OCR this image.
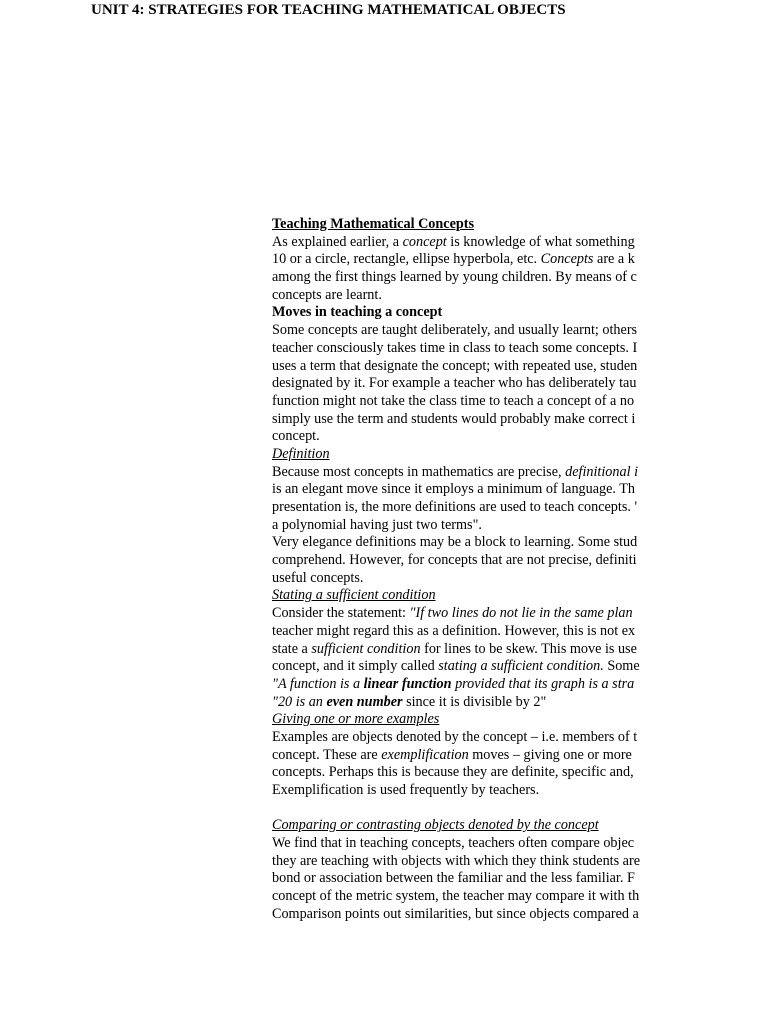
UNIT 4: STRATEGIES FOR TEACHING MATHEMATICAL OBJECTS
Teaching Mathematical Concepts
As explained earlier, a concept is knowledge of what something
10 or a circle, rectangle, ellipse hyperbola, etc. Concepts are a k
among the first things learned by young children. By means of c
concepts are learnt.
Moves in teaching a concept
Some concepts are taught deliberately, and usually learnt; others
teacher consciously takes time in class to teach some concepts. I
uses a term that designate the concept; with repeated use, studen
designated by it. For example a teacher who has deliberately tau
function might not take the class time to teach a concept of a no
simply use the term and students would probably make correct i
concept.
Definition
Because most concepts in mathematics are precise, definitional i
is an elegant move since it employs a minimum of language. Th
presentation is, the more definitions are used to teach concepts. '
a polynomial having just two terms".
Very elegance definitions may be a block to learning. Some stud
comprehend. However, for concepts that are not precise, definiti
useful concepts.
Stating a sufficient condition
Consider the statement: "If two lines do not lie in the same plan
teacher might regard this as a definition. However, this is not ex
state a sufficient condition for lines to be skew. This move is use
concept, and it simply called stating a sufficient condition. Some
"A function is a linear function provided that its graph is a stra
"20 is an even number since it is divisible by 2"
Giving one or more examples
Examples are objects denoted by the concept – i.e. members of t
concept. These are exemplification moves – giving one or more
concepts. Perhaps this is because they are definite, specific and,
Exemplification is used frequently by teachers.
Comparing or contrasting objects denoted by the concept
We find that in teaching concepts, teachers often compare objec
they are teaching with objects with which they think students are
bond or association between the familiar and the less familiar. F
concept of the metric system, the teacher may compare it with th
Comparison points out similarities, but since objects compared a
